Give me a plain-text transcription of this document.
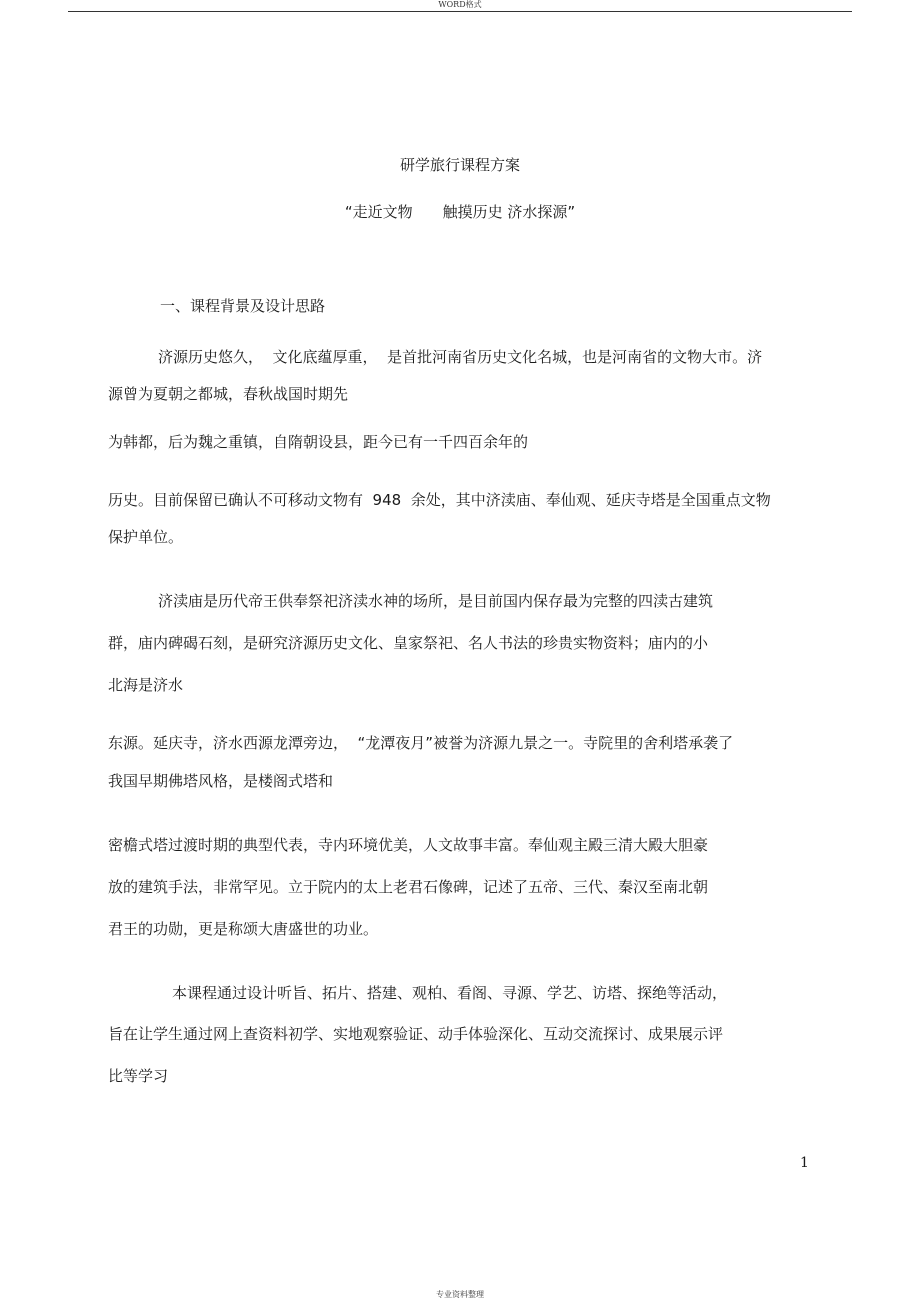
WORD格式
研学旅行课程方案
“走近文物　　触摸历史 济水探源”
一、课程背景及设计思路
济源历史悠久，  文化底蕴厚重，  是首批河南省历史文化名城，也是河南省的文物大市。济
源曾为夏朝之都城，春秋战国时期先
为韩都，后为魏之重镇，自隋朝设县，距今已有一千四百余年的
历史。目前保留已确认不可移动文物有  948  余处，其中济渎庙、奉仙观、延庆寺塔是全国重点文物
保护单位。
济渎庙是历代帝王供奉祭祀济渎水神的场所，是目前国内保存最为完整的四渎古建筑
群，庙内碑碣石刻，是研究济源历史文化、皇家祭祀、名人书法的珍贵实物资料；庙内的小
北海是济水
东源。延庆寺，济水西源龙潭旁边，  “龙潭夜月”被誉为济源九景之一。寺院里的舍利塔承袭了
我国早期佛塔风格，是楼阁式塔和
密檐式塔过渡时期的典型代表，寺内环境优美，人文故事丰富。奉仙观主殿三清大殿大胆豪
放的建筑手法，非常罕见。立于院内的太上老君石像碑，记述了五帝、三代、秦汉至南北朝
君王的功勋，更是称颂大唐盛世的功业。
本课程通过设计听旨、拓片、搭建、观柏、看阁、寻源、学艺、访塔、探绝等活动，
旨在让学生通过网上查资料初学、实地观察验证、动手体验深化、互动交流探讨、成果展示评
比等学习
1
专业资料整理
